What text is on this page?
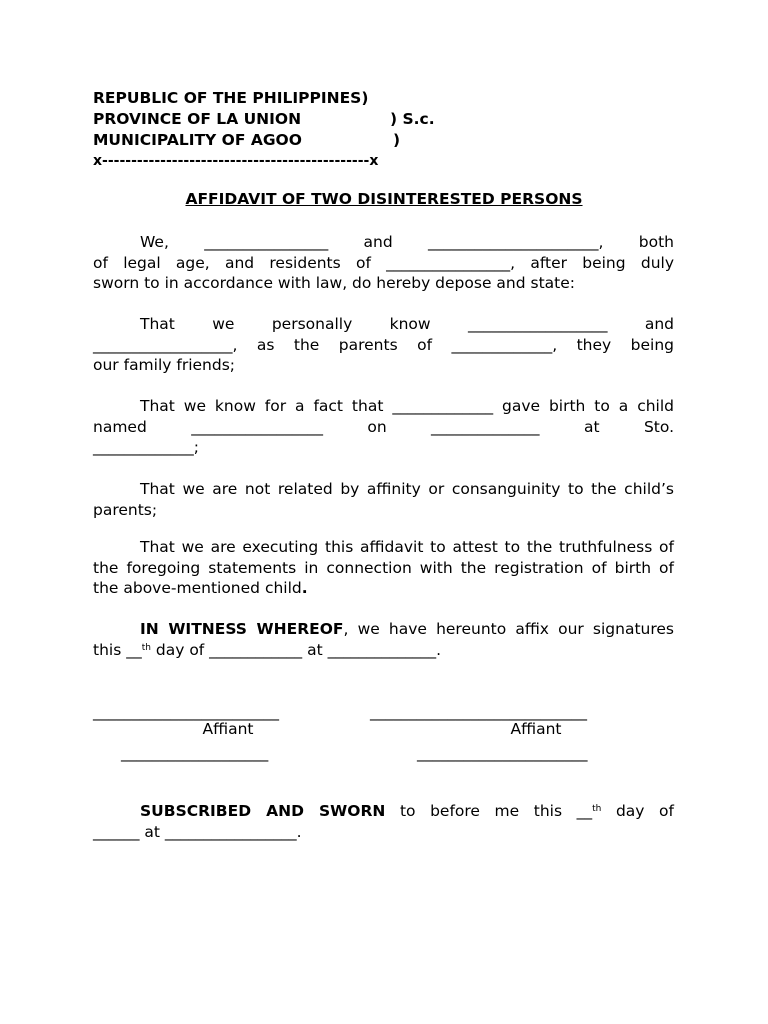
REPUBLIC OF THE PHILIPPINES)
PROVINCE OF LA UNION	) S.c.
MUNICIPALITY OF AGOO	)
x----------------------------------------------x
AFFIDAVIT OF TWO DISINTERESTED PERSONS

We, ________________ and ______________________, both

of legal age, and residents of ________________, after being duly

sworn to in accordance with law, do hereby depose and state:

That we personally know __________________ and

__________________, as the parents of _____________, they being

our family friends;

That we know for a fact that _____________ gave birth to a child

named _________________ on ______________ at Sto.

_____________;

That we are not related by affinity or consanguinity to the child’s

parents;

That we are executing this affidavit to attest to the truthfulness of

the foregoing statements in connection with the registration of birth of

the above-mentioned child.

IN WITNESS WHEREOF, we have hereunto affix our signatures

this __$^{th}$ day of ____________ at ______________.

________________________	____________________________
Affiant	Affiant
___________________	______________________

SUBSCRIBED AND SWORN to before me this __$^{th}$ day of

______ at _________________.
